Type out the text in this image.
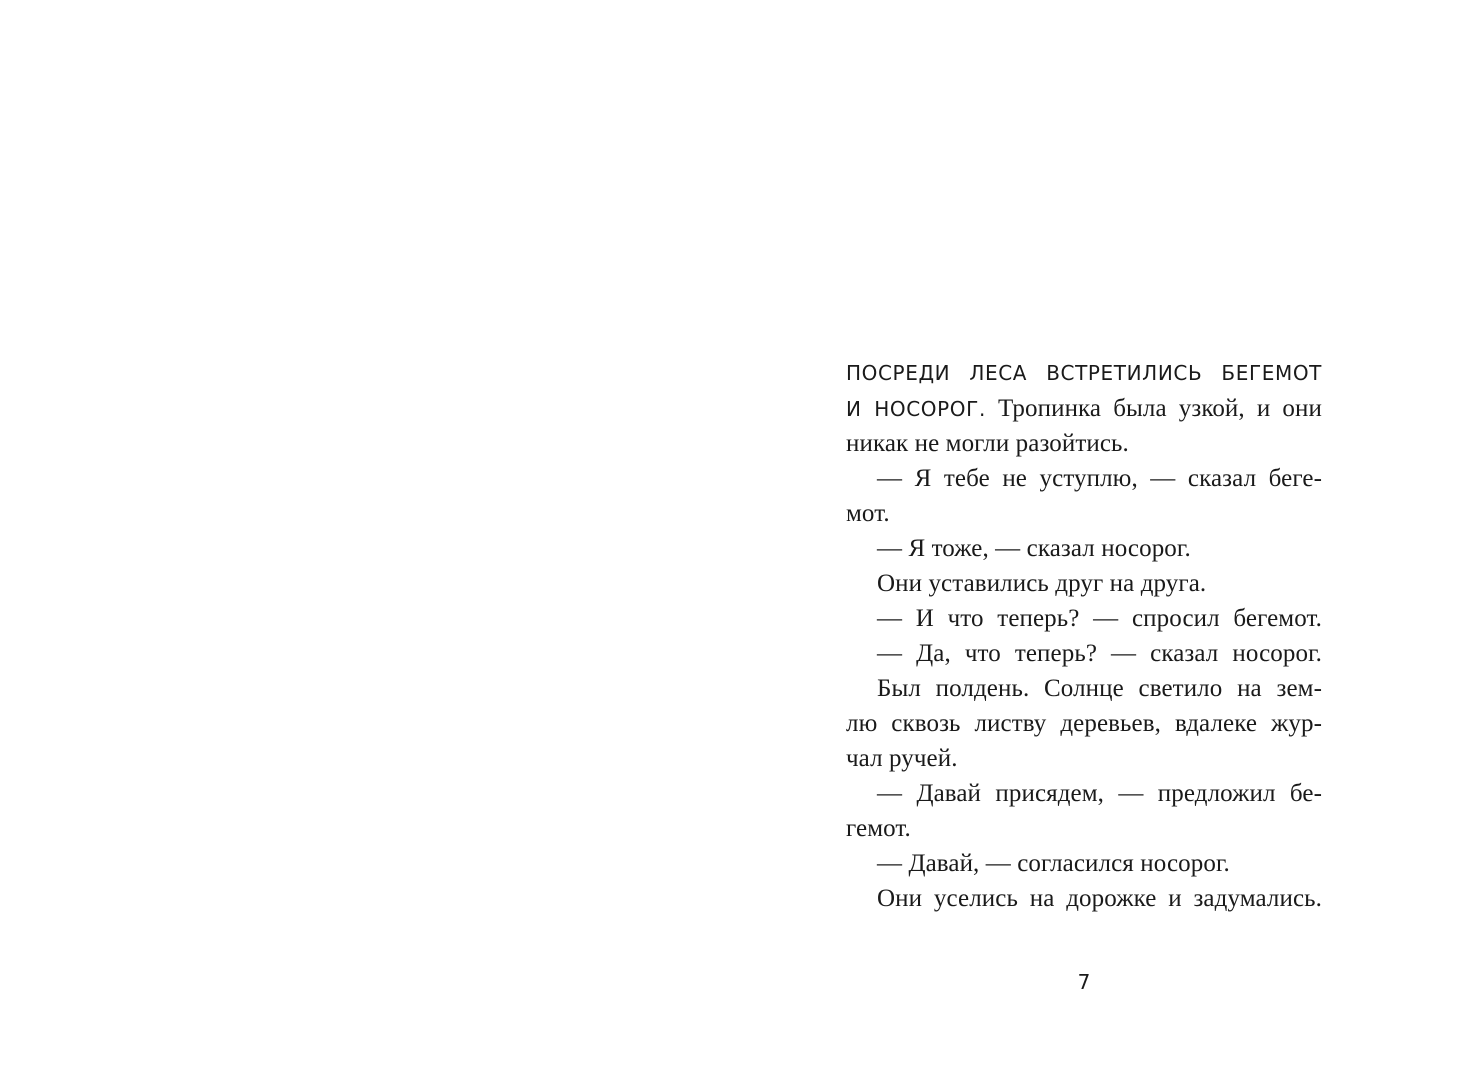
ПОСРЕДИ ЛЕСА ВСТРЕТИЛИСЬ БЕГЕМОТ
И НОСОРОГ. Тропинка была узкой, и они
никак не могли разойтись.
— Я тебе не уступлю, — сказал беге-
мот.
— Я тоже, — сказал носорог.
Они уставились друг на друга.
— И что теперь? — спросил бегемот.
— Да, что теперь? — сказал носорог.
Был полдень. Солнце светило на зем-
лю сквозь листву деревьев, вдалеке жур-
чал ручей.
— Давай присядем, — предложил бе-
гемот.
— Давай, — согласился носорог.
Они уселись на дорожке и задумались.
7
